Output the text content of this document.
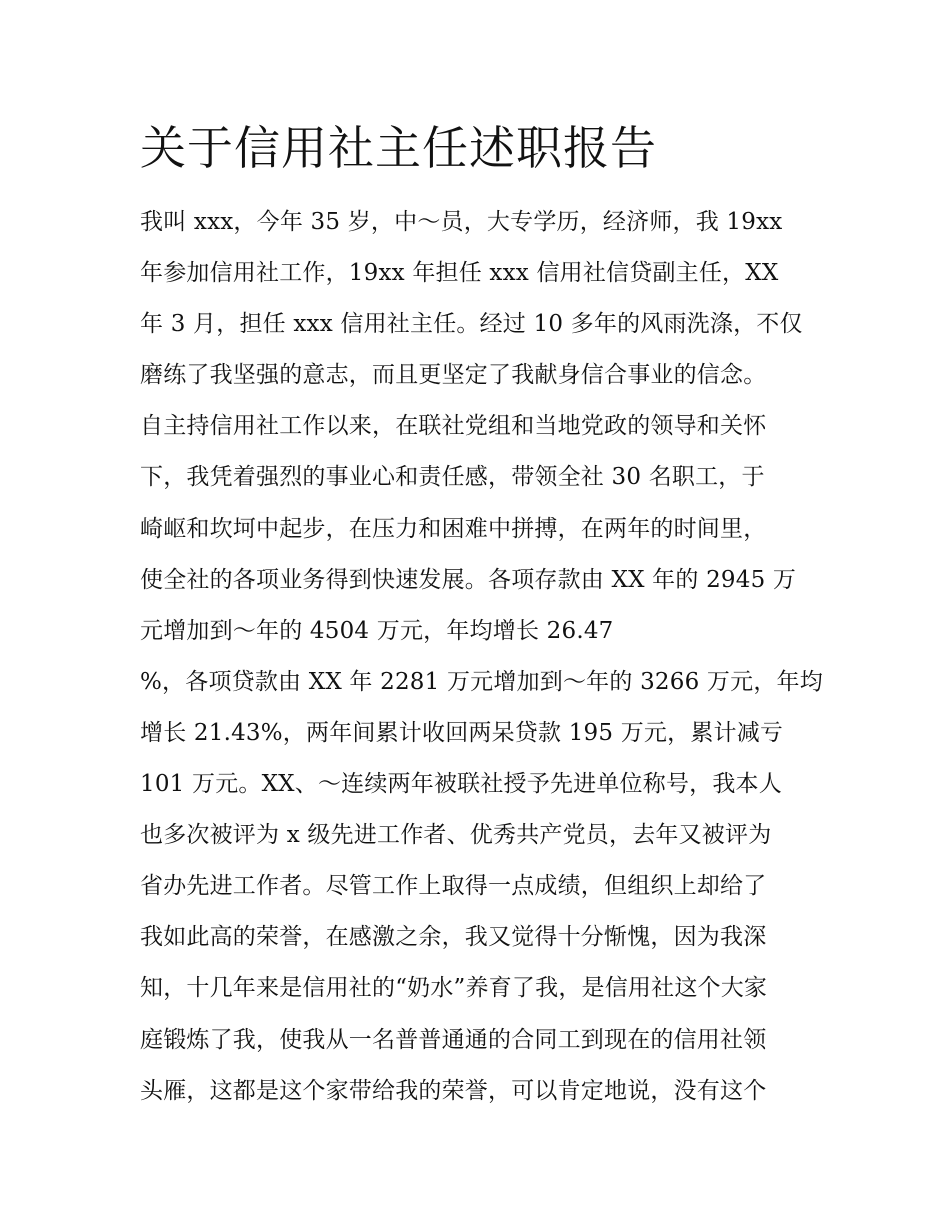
关于信用社主任述职报告
我叫 xxx，今年 35 岁，中～员，大专学历，经济师，我 19xx
年参加信用社工作，19xx 年担任 xxx 信用社信贷副主任，XX
年 3 月，担任 xxx 信用社主任。经过 10 多年的风雨洗涤，不仅
磨练了我坚强的意志，而且更坚定了我献身信合事业的信念。
自主持信用社工作以来，在联社党组和当地党政的领导和关怀
下，我凭着强烈的事业心和责任感，带领全社 30 名职工，于
崎岖和坎坷中起步，在压力和困难中拼搏，在两年的时间里，
使全社的各项业务得到快速发展。各项存款由 XX 年的 2945 万
元增加到～年的 4504 万元，年均增长 26.47
%，各项贷款由 XX 年 2281 万元增加到～年的 3266 万元，年均
增长 21.43%，两年间累计收回两呆贷款 195 万元，累计减亏
101 万元。XX、～连续两年被联社授予先进单位称号，我本人
也多次被评为 x 级先进工作者、优秀共产党员，去年又被评为
省办先进工作者。尽管工作上取得一点成绩，但组织上却给了
我如此高的荣誉，在感激之余，我又觉得十分惭愧，因为我深
知，十几年来是信用社的“奶水”养育了我，是信用社这个大家
庭锻炼了我，使我从一名普普通通的合同工到现在的信用社领
头雁，这都是这个家带给我的荣誉，可以肯定地说，没有这个
